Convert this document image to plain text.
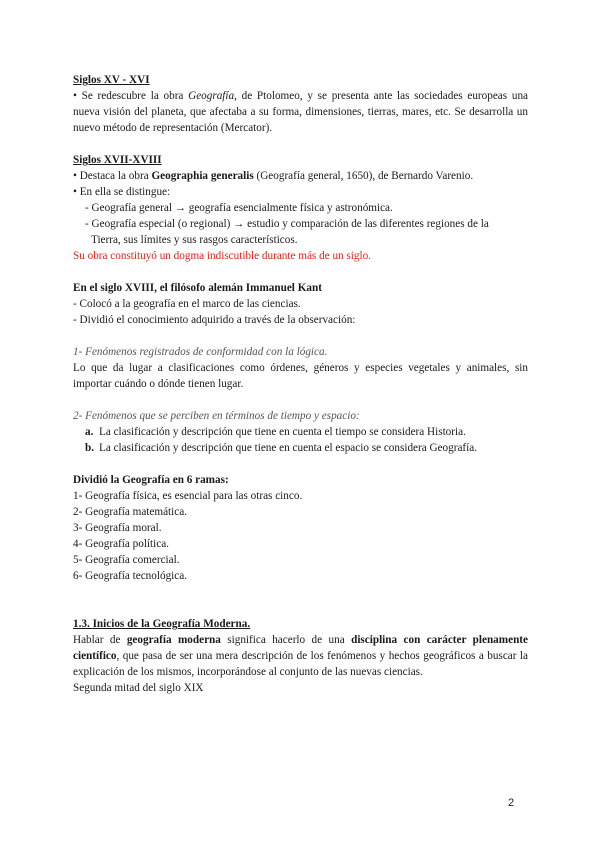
Siglos XV - XVI
• Se redescubre la obra Geografía, de Ptolomeo, y se presenta ante las sociedades europeas una nueva visión del planeta, que afectaba a su forma, dimensiones, tierras, mares, etc. Se desarrolla un nuevo método de representación (Mercator).
Siglos XVII-XVIII
• Destaca la obra Geographia generalis (Geografía general, 1650), de Bernardo Varenio.
• En ella se distingue:
- Geografía general → geografía esencialmente física y astronómica.
- Geografía especial (o regional) → estudio y comparación de las diferentes regiones de la
Tierra, sus límites y sus rasgos característicos.
Su obra constituyó un dogma indiscutible durante más de un siglo.
En el siglo XVIII, el filósofo alemán Immanuel Kant
- Colocó a la geografía en el marco de las ciencias.
- Dividió el conocimiento adquirido a través de la observación:
1- Fenómenos registrados de conformidad con la lógica.
Lo que da lugar a clasificaciones como órdenes, géneros y especies vegetales y animales, sin importar cuándo o dónde tienen lugar.
2- Fenómenos que se perciben en términos de tiempo y espacio:
a. La clasificación y descripción que tiene en cuenta el tiempo se considera Historia.
b. La clasificación y descripción que tiene en cuenta el espacio se considera Geografía.
Dividió la Geografía en 6 ramas:
1- Geografía física, es esencial para las otras cinco.
2- Geografía matemática.
3- Geografía moral.
4- Geografía política.
5- Geografía comercial.
6- Geografía tecnológica.
1.3. Inicios de la Geografía Moderna.
Hablar de geografía moderna significa hacerlo de una disciplina con carácter plenamente científico, que pasa de ser una mera descripción de los fenómenos y hechos geográficos a buscar la explicación de los mismos, incorporándose al conjunto de las nuevas ciencias.
Segunda mitad del siglo XIX
2
